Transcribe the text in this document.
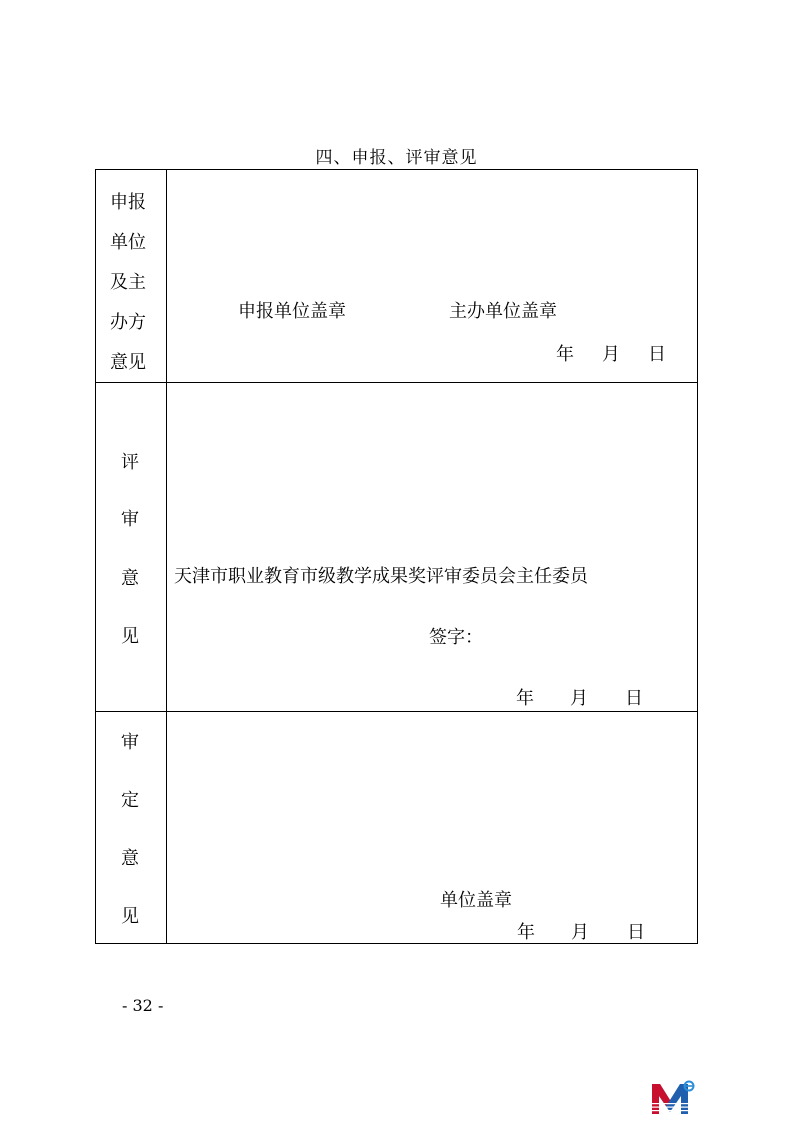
四、申报、评审意见
申报
单位
及主
办方
意见
申报单位盖章	主办单位盖章
年 月 日
评
审
意
见
天津市职业教育市级教学成果奖评审委员会主任委员
签字：
年 月 日
审
定
意
见
单位盖章
年 月 日
- 32 -
